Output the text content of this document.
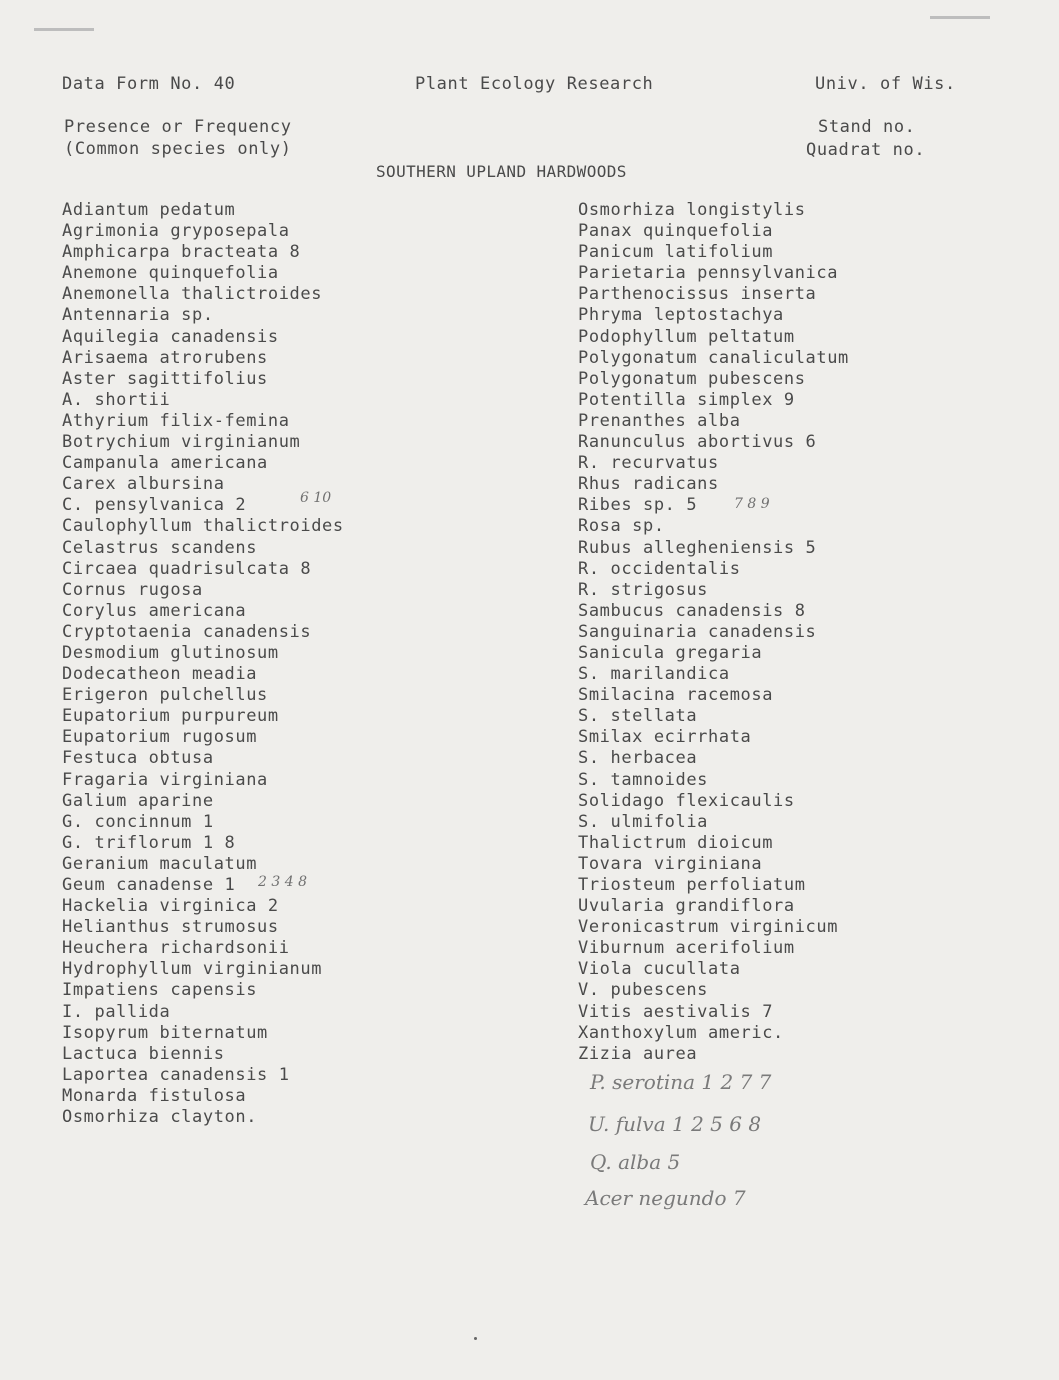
Data Form No. 40	Plant Ecology Research	Univ. of Wis.
Presence or Frequency
(Common species only)
Stand no.
Quadrat no.
SOUTHERN UPLAND HARDWOODS
Adiantum pedatum
Agrimonia gryposepala
Amphicarpa bracteata 8
Anemone quinquefolia
Anemonella thalictroides
Antennaria sp.
Aquilegia canadensis
Arisaema atrorubens
Aster sagittifolius
A. shortii
Athyrium filix-femina
Botrychium virginianum
Campanula americana
Carex albursina
C. pensylvanica 2
Caulophyllum thalictroides
Celastrus scandens
Circaea quadrisulcata 8
Cornus rugosa
Corylus americana
Cryptotaenia canadensis
Desmodium glutinosum
Dodecatheon meadia
Erigeron pulchellus
Eupatorium purpureum
Eupatorium rugosum
Festuca obtusa
Fragaria virginiana
Galium aparine
G. concinnum 1
G. triflorum 1 8
Geranium maculatum
Geum canadense 1
Hackelia virginica 2
Helianthus strumosus
Heuchera richardsonii
Hydrophyllum virginianum
Impatiens capensis
I. pallida
Isopyrum biternatum
Lactuca biennis
Laportea canadensis 1
Monarda fistulosa
Osmorhiza clayton.
Osmorhiza longistylis
Panax quinquefolia
Panicum latifolium
Parietaria pennsylvanica
Parthenocissus inserta
Phryma leptostachya
Podophyllum peltatum
Polygonatum canaliculatum
Polygonatum pubescens
Potentilla simplex 9
Prenanthes alba
Ranunculus abortivus 6
R. recurvatus
Rhus radicans
Ribes sp. 5
Rosa sp.
Rubus allegheniensis 5
R. occidentalis
R. strigosus
Sambucus canadensis 8
Sanguinaria canadensis
Sanicula gregaria
S. marilandica
Smilacina racemosa
S. stellata
Smilax ecirrhata
S. herbacea
S. tamnoides
Solidago flexicaulis
S. ulmifolia
Thalictrum dioicum
Tovara virginiana
Triosteum perfoliatum
Uvularia grandiflora
Veronicastrum virginicum
Viburnum acerifolium
Viola cucullata
V. pubescens
Vitis aestivalis 7
Xanthoxylum americ.
Zizia aurea
6 10
2 3 4 8
7 8 9
P. serotina 1 2 7 7
U. fulva 1 2 5 6 8
Q. alba 5
Acer negundo 7
